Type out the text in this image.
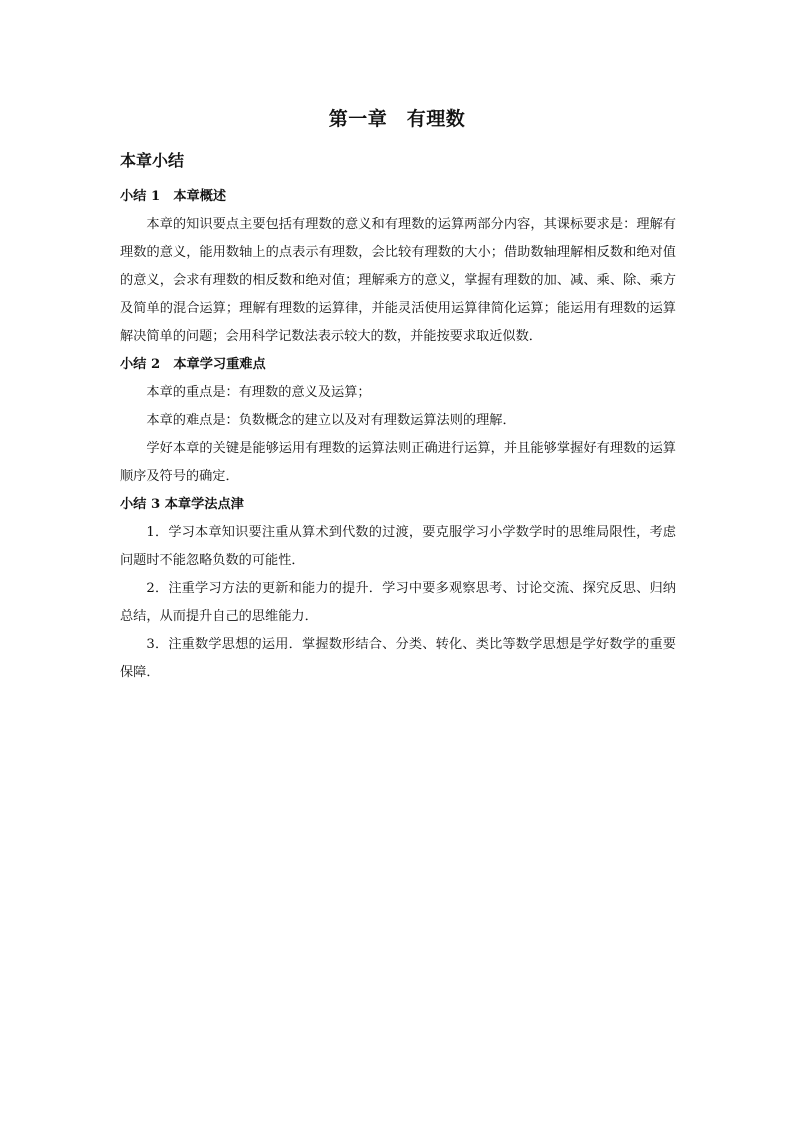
第一章　有理数
本章小结

小结 1　本章概述

本章的知识要点主要包括有理数的意义和有理数的运算两部分内容，其课标要求是：理解有理数的意义，能用数轴上的点表示有理数，会比较有理数的大小；借助数轴理解相反数和绝对值的意义，会求有理数的相反数和绝对值；理解乘方的意义，掌握有理数的加、减、乘、除、乘方及简单的混合运算；理解有理数的运算律，并能灵活使用运算律简化运算；能运用有理数的运算解决简单的问题；会用科学记数法表示较大的数，并能按要求取近似数．

小结 2　本章学习重难点

本章的重点是：有理数的意义及运算；

本章的难点是：负数概念的建立以及对有理数运算法则的理解．

学好本章的关键是能够运用有理数的运算法则正确进行运算，并且能够掌握好有理数的运算顺序及符号的确定．

小结 3 本章学法点津

1．学习本章知识要注重从算术到代数的过渡，要克服学习小学数学时的思维局限性，考虑问题时不能忽略负数的可能性．

2．注重学习方法的更新和能力的提升．学习中要多观察思考、讨论交流、探究反思、归纳总结，从而提升自己的思维能力．

3．注重数学思想的运用．掌握数形结合、分类、转化、类比等数学思想是学好数学的重要保障．
